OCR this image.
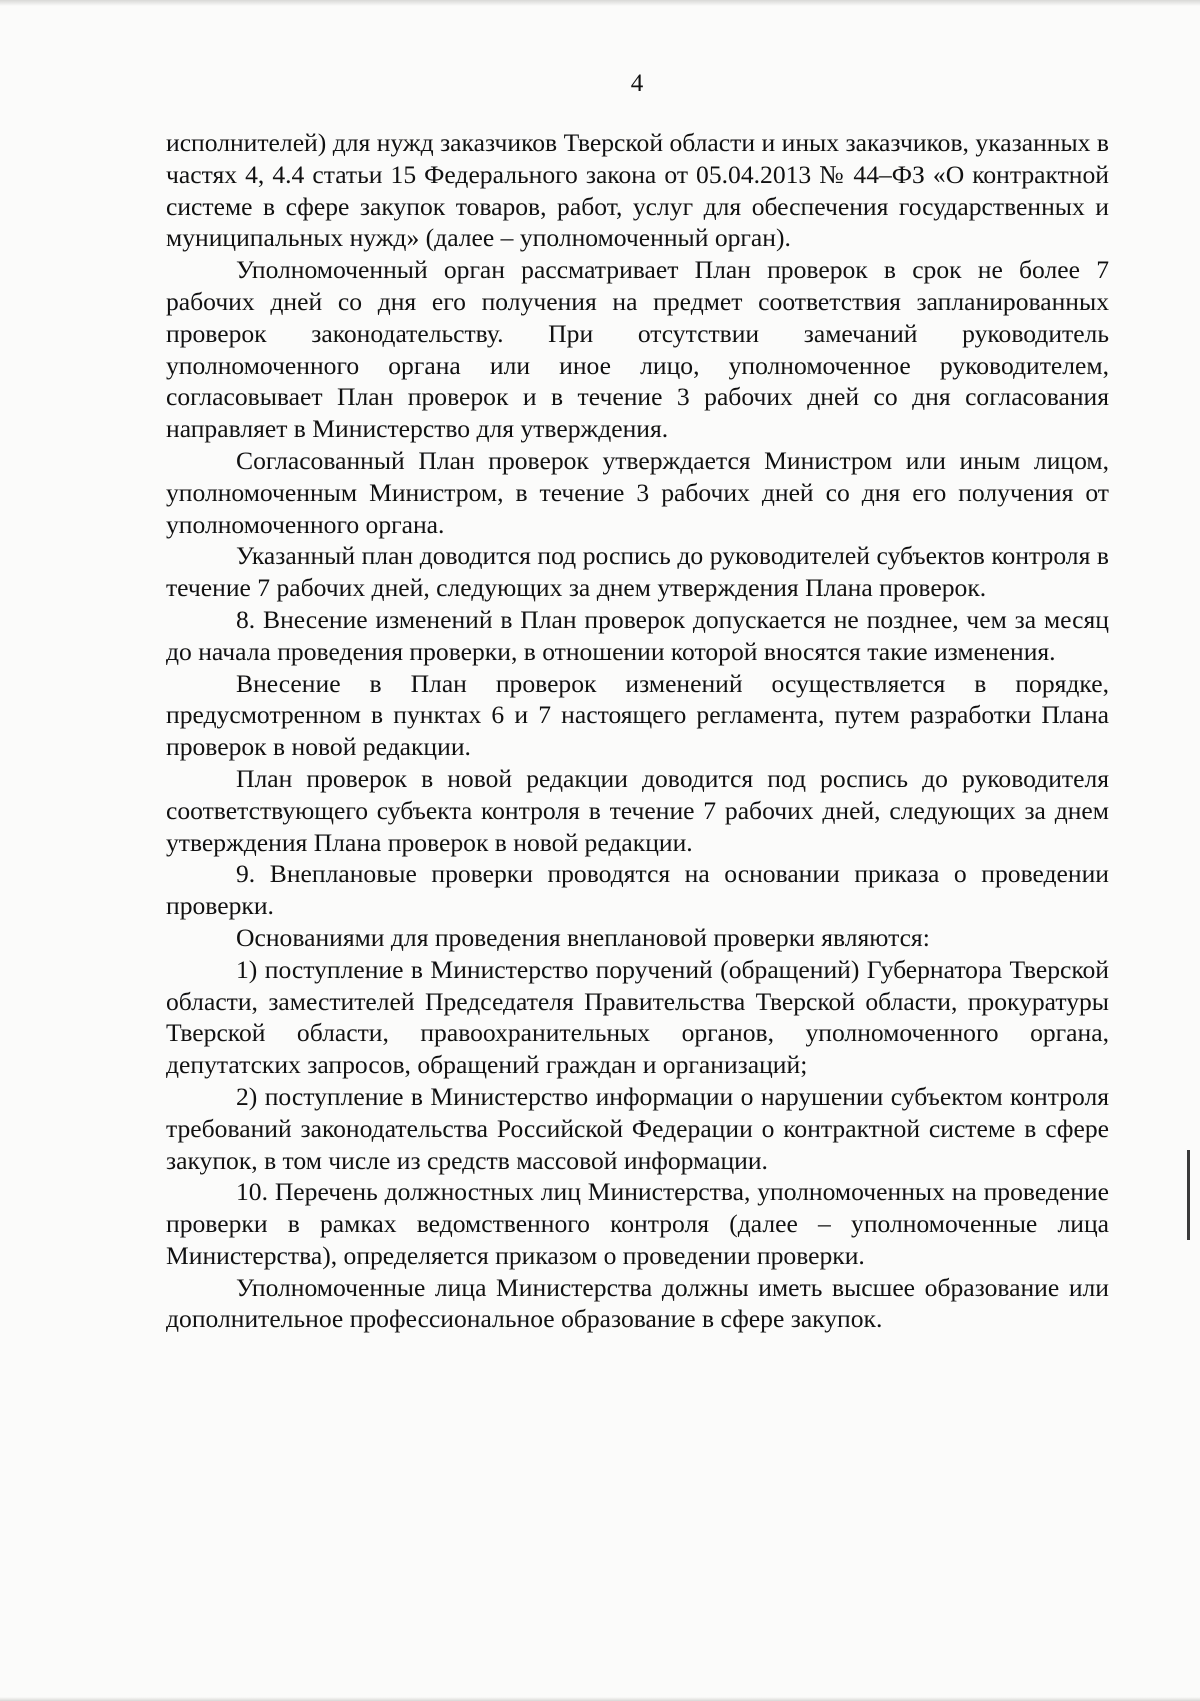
4

исполнителей) для нужд заказчиков Тверской области и иных заказчиков, указанных в частях 4, 4.4 статьи 15 Федерального закона от 05.04.2013 № 44–ФЗ «О контрактной системе в сфере закупок товаров, работ, услуг для обеспечения государственных и муниципальных нужд» (далее – уполномоченный орган).

Уполномоченный орган рассматривает План проверок в срок не более 7 рабочих дней со дня его получения на предмет соответствия запланированных проверок законодательству. При отсутствии замечаний руководитель уполномоченного органа или иное лицо, уполномоченное руководителем, согласовывает План проверок и в течение 3 рабочих дней со дня согласования направляет в Министерство для утверждения.

Согласованный План проверок утверждается Министром или иным лицом, уполномоченным Министром, в течение 3 рабочих дней со дня его получения от уполномоченного органа.

Указанный план доводится под роспись до руководителей субъектов контроля в течение 7 рабочих дней, следующих за днем утверждения Плана проверок.

8. Внесение изменений в План проверок допускается не позднее, чем за месяц до начала проведения проверки, в отношении которой вносятся такие изменения.

Внесение в План проверок изменений осуществляется в порядке, предусмотренном в пунктах 6 и 7 настоящего регламента, путем разработки Плана проверок в новой редакции.

План проверок в новой редакции доводится под роспись до руководителя соответствующего субъекта контроля в течение 7 рабочих дней, следующих за днем утверждения Плана проверок в новой редакции.

9. Внеплановые проверки проводятся на основании приказа о проведении проверки.

Основаниями для проведения внеплановой проверки являются:

1) поступление в Министерство поручений (обращений) Губернатора Тверской области, заместителей Председателя Правительства Тверской области, прокуратуры Тверской области, правоохранительных органов, уполномоченного органа, депутатских запросов, обращений граждан и организаций;

2) поступление в Министерство информации о нарушении субъектом контроля требований законодательства Российской Федерации о контрактной системе в сфере закупок, в том числе из средств массовой информации.

10. Перечень должностных лиц Министерства, уполномоченных на проведение проверки в рамках ведомственного контроля (далее – уполномоченные лица Министерства), определяется приказом о проведении проверки.

Уполномоченные лица Министерства должны иметь высшее образование или дополнительное профессиональное образование в сфере закупок.
